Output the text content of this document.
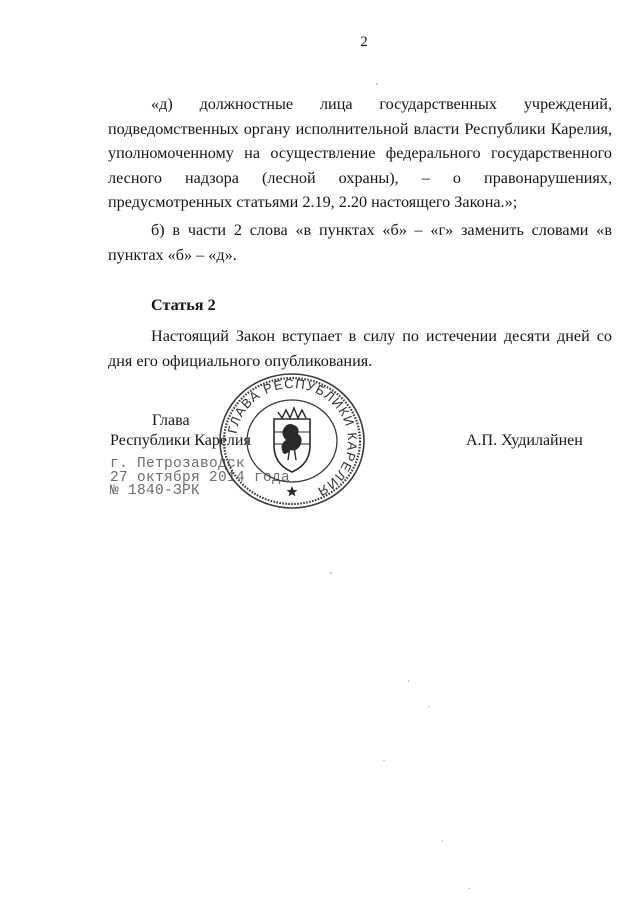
2

«д) должностные лица государственных учреждений, подведомственных органу исполнительной власти Республики Карелия, уполномоченному на осуществление федерального государственного лесного надзора (лесной охраны), – о правонарушениях, предусмотренных статьями 2.19, 2.20 настоящего Закона.»;

б) в части 2 слова «в пунктах «б» – «г» заменить словами «в пунктах «б» – «д».

Статья 2

Настоящий Закон вступает в силу по истечении десяти дней со дня его официального опубликования.

Глава
Республики Карелия	А.П. Худилайнен
г. Петрозаводск
27 октября 2014 года
№ 1840-ЗРК
ГЛАВА РЕСПУБЛИКИ КАРЕЛИЯ
